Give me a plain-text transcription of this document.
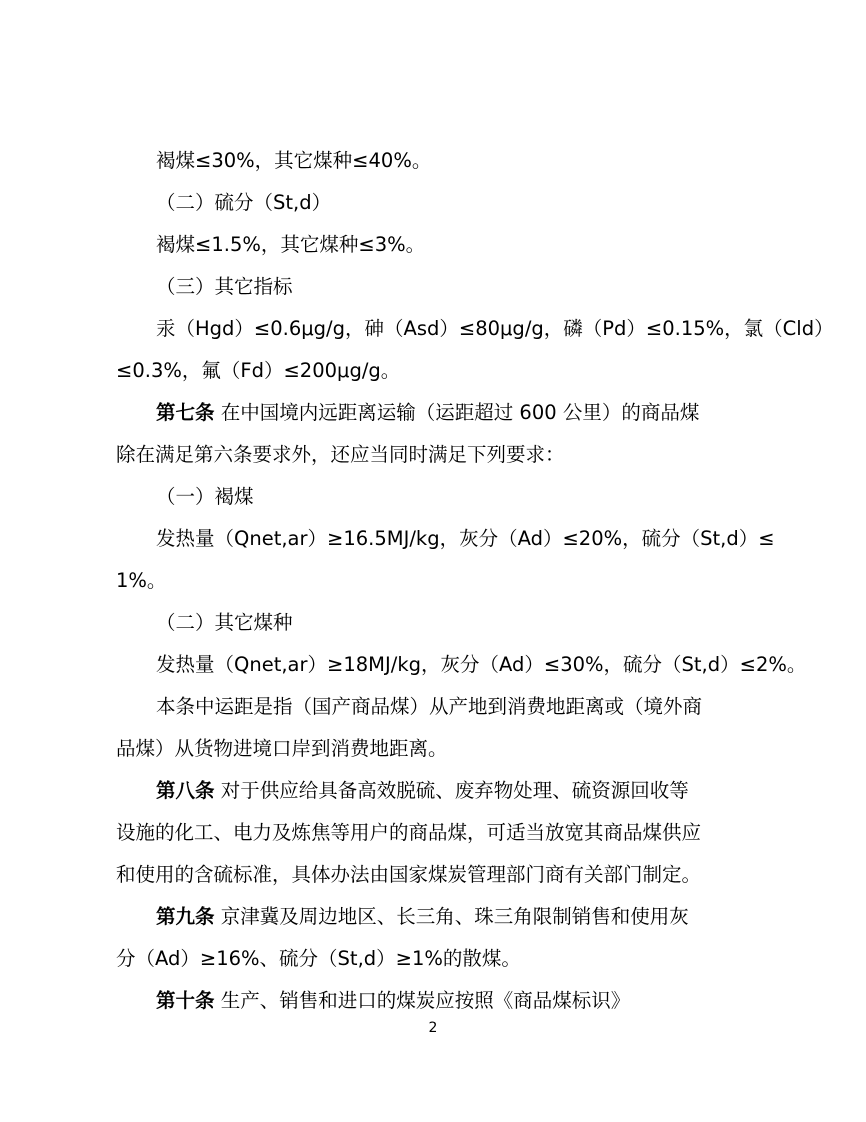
褐煤≤30%，其它煤种≤40%。
（二）硫分（St,d）
褐煤≤1.5%，其它煤种≤3%。
（三）其它指标
汞（Hgd）≤0.6μg/g，砷（Asd）≤80μg/g，磷（Pd）≤0.15%，氯（Cld）
≤0.3%，氟（Fd）≤200μg/g。
第七条 在中国境内远距离运输（运距超过 600 公里）的商品煤
除在满足第六条要求外，还应当同时满足下列要求：
（一）褐煤
发热量（Qnet,ar）≥16.5MJ/kg，灰分（Ad）≤20%，硫分（St,d）≤
1%。
（二）其它煤种
发热量（Qnet,ar）≥18MJ/kg，灰分（Ad）≤30%，硫分（St,d）≤2%。
本条中运距是指（国产商品煤）从产地到消费地距离或（境外商
品煤）从货物进境口岸到消费地距离。
第八条 对于供应给具备高效脱硫、废弃物处理、硫资源回收等
设施的化工、电力及炼焦等用户的商品煤，可适当放宽其商品煤供应
和使用的含硫标准，具体办法由国家煤炭管理部门商有关部门制定。
第九条 京津冀及周边地区、长三角、珠三角限制销售和使用灰
分（Ad）≥16%、硫分（St,d）≥1%的散煤。
第十条 生产、销售和进口的煤炭应按照《商品煤标识》
2
